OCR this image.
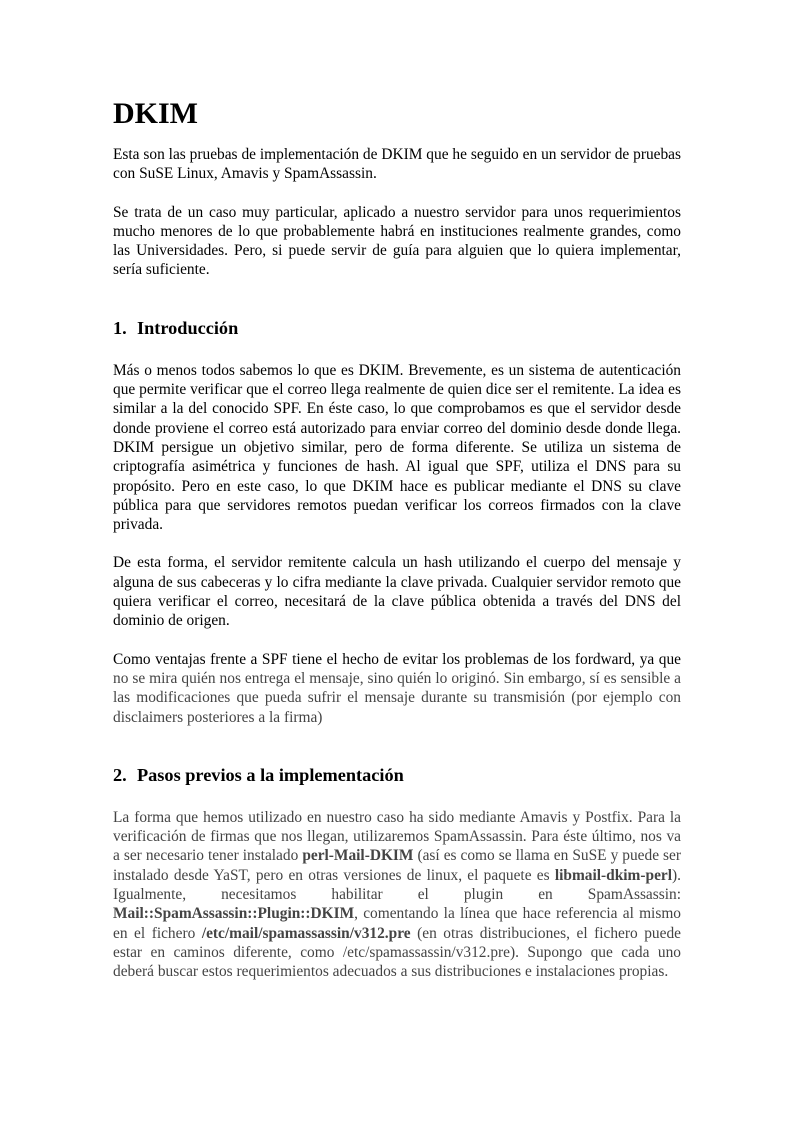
DKIM

Esta son las pruebas de implementación de DKIM que he seguido en un servidor de pruebas con SuSE Linux, Amavis y SpamAssassin.

Se trata de un caso muy particular, aplicado a nuestro servidor para unos requerimientos mucho menores de lo que probablemente habrá en instituciones realmente grandes, como las Universidades. Pero, si puede servir de guía para alguien que lo quiera implementar, sería suficiente.

1. Introducción

Más o menos todos sabemos lo que es DKIM. Brevemente, es un sistema de autenticación que permite verificar que el correo llega realmente de quien dice ser el remitente. La idea es similar a la del conocido SPF. En éste caso, lo que comprobamos es que el servidor desde donde proviene el correo está autorizado para enviar correo del dominio desde donde llega. DKIM persigue un objetivo similar, pero de forma diferente. Se utiliza un sistema de criptografía asimétrica y funciones de hash. Al igual que SPF, utiliza el DNS para su propósito. Pero en este caso, lo que DKIM hace es publicar mediante el DNS su clave pública para que servidores remotos puedan verificar los correos firmados con la clave privada.

De esta forma, el servidor remitente calcula un hash utilizando el cuerpo del mensaje y alguna de sus cabeceras y lo cifra mediante la clave privada. Cualquier servidor remoto que quiera verificar el correo, necesitará de la clave pública obtenida a través del DNS del dominio de origen.

Como ventajas frente a SPF tiene el hecho de evitar los problemas de los fordward, ya que no se mira quién nos entrega el mensaje, sino quién lo originó. Sin embargo, sí es sensible a las modificaciones que pueda sufrir el mensaje durante su transmisión (por ejemplo con disclaimers posteriores a la firma)

2. Pasos previos a la implementación

La forma que hemos utilizado en nuestro caso ha sido mediante Amavis y Postfix. Para la verificación de firmas que nos llegan, utilizaremos SpamAssassin. Para éste último, nos va a ser necesario tener instalado perl-Mail-DKIM (así es como se llama en SuSE y puede ser instalado desde YaST, pero en otras versiones de linux, el paquete es libmail-dkim-perl). Igualmente, necesitamos habilitar el plugin en SpamAssassin: Mail::SpamAssassin::Plugin::DKIM, comentando la línea que hace referencia al mismo en el fichero /etc/mail/spamassassin/v312.pre (en otras distribuciones, el fichero puede estar en caminos diferente, como /etc/spamassassin/v312.pre). Supongo que cada uno deberá buscar estos requerimientos adecuados a sus distribuciones e instalaciones propias.
